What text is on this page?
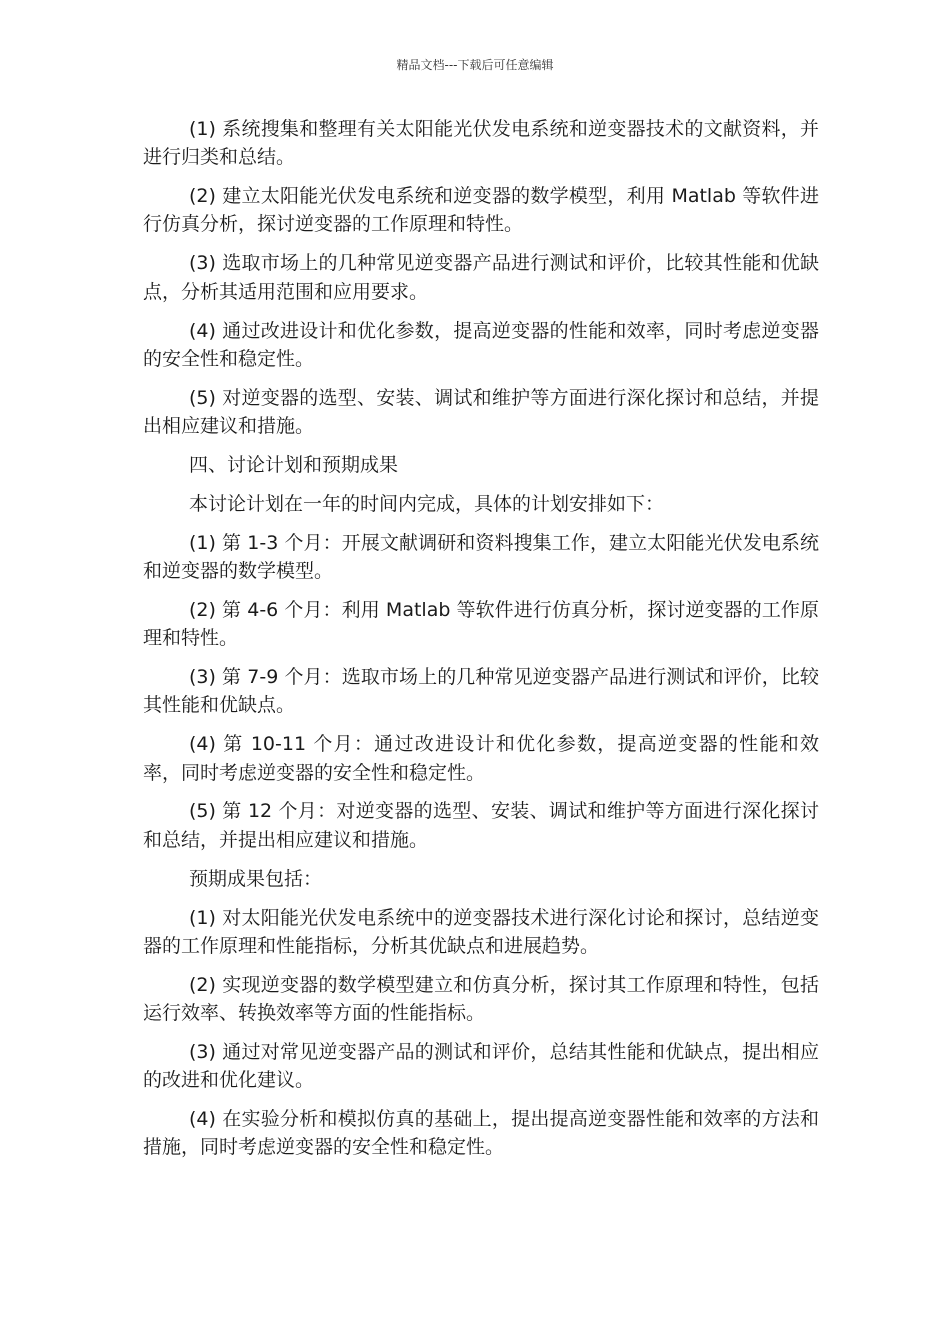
精品文档---下载后可任意编辑

(1) 系统搜集和整理有关太阳能光伏发电系统和逆变器技术的文献资料，并进行归类和总结。

(2) 建立太阳能光伏发电系统和逆变器的数学模型，利用 Matlab 等软件进行仿真分析，探讨逆变器的工作原理和特性。

(3) 选取市场上的几种常见逆变器产品进行测试和评价，比较其性能和优缺点，分析其适用范围和应用要求。

(4) 通过改进设计和优化参数，提高逆变器的性能和效率，同时考虑逆变器的安全性和稳定性。

(5) 对逆变器的选型、安装、调试和维护等方面进行深化探讨和总结，并提出相应建议和措施。

四、讨论计划和预期成果

本讨论计划在一年的时间内完成，具体的计划安排如下：

(1) 第 1-3 个月：开展文献调研和资料搜集工作，建立太阳能光伏发电系统和逆变器的数学模型。

(2) 第 4-6 个月：利用 Matlab 等软件进行仿真分析，探讨逆变器的工作原理和特性。

(3) 第 7-9 个月：选取市场上的几种常见逆变器产品进行测试和评价，比较其性能和优缺点。

(4) 第 10-11 个月：通过改进设计和优化参数，提高逆变器的性能和效率，同时考虑逆变器的安全性和稳定性。

(5) 第 12 个月：对逆变器的选型、安装、调试和维护等方面进行深化探讨和总结，并提出相应建议和措施。

预期成果包括：

(1) 对太阳能光伏发电系统中的逆变器技术进行深化讨论和探讨，总结逆变器的工作原理和性能指标，分析其优缺点和进展趋势。

(2) 实现逆变器的数学模型建立和仿真分析，探讨其工作原理和特性，包括运行效率、转换效率等方面的性能指标。

(3) 通过对常见逆变器产品的测试和评价，总结其性能和优缺点，提出相应的改进和优化建议。

(4) 在实验分析和模拟仿真的基础上，提出提高逆变器性能和效率的方法和措施，同时考虑逆变器的安全性和稳定性。
